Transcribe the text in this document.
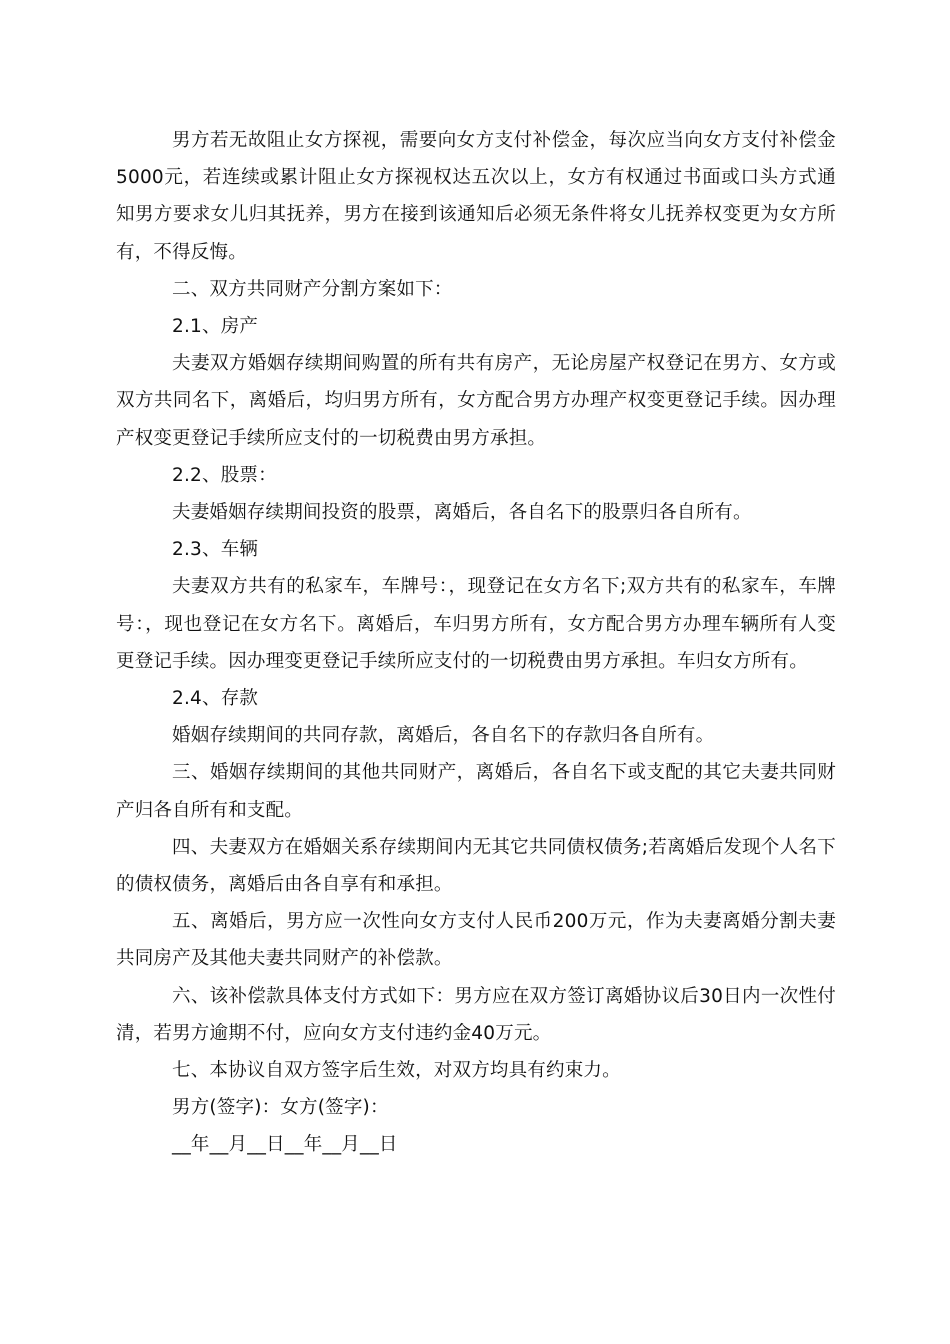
男方若无故阻止女方探视，需要向女方支付补偿金，每次应当向女方支付补偿金5000元，若连续或累计阻止女方探视权达五次以上，女方有权通过书面或口头方式通知男方要求女儿归其抚养，男方在接到该通知后必须无条件将女儿抚养权变更为女方所有，不得反悔。

二、双方共同财产分割方案如下：

2.1、房产

夫妻双方婚姻存续期间购置的所有共有房产，无论房屋产权登记在男方、女方或双方共同名下，离婚后，均归男方所有，女方配合男方办理产权变更登记手续。因办理产权变更登记手续所应支付的一切税费由男方承担。

2.2、股票：

夫妻婚姻存续期间投资的股票，离婚后，各自名下的股票归各自所有。

2.3、车辆

夫妻双方共有的私家车，车牌号：，现登记在女方名下;双方共有的私家车，车牌号：，现也登记在女方名下。离婚后，车归男方所有，女方配合男方办理车辆所有人变更登记手续。因办理变更登记手续所应支付的一切税费由男方承担。车归女方所有。

2.4、存款

婚姻存续期间的共同存款，离婚后，各自名下的存款归各自所有。

三、婚姻存续期间的其他共同财产，离婚后，各自名下或支配的其它夫妻共同财产归各自所有和支配。

四、夫妻双方在婚姻关系存续期间内无其它共同债权债务;若离婚后发现个人名下的债权债务，离婚后由各自享有和承担。

五、离婚后，男方应一次性向女方支付人民币200万元，作为夫妻离婚分割夫妻共同房产及其他夫妻共同财产的补偿款。

六、该补偿款具体支付方式如下：男方应在双方签订离婚协议后30日内一次性付清，若男方逾期不付，应向女方支付违约金40万元。

七、本协议自双方签字后生效，对双方均具有约束力。

男方(签字)：女方(签字)：

__年__月__日__年__月__日
